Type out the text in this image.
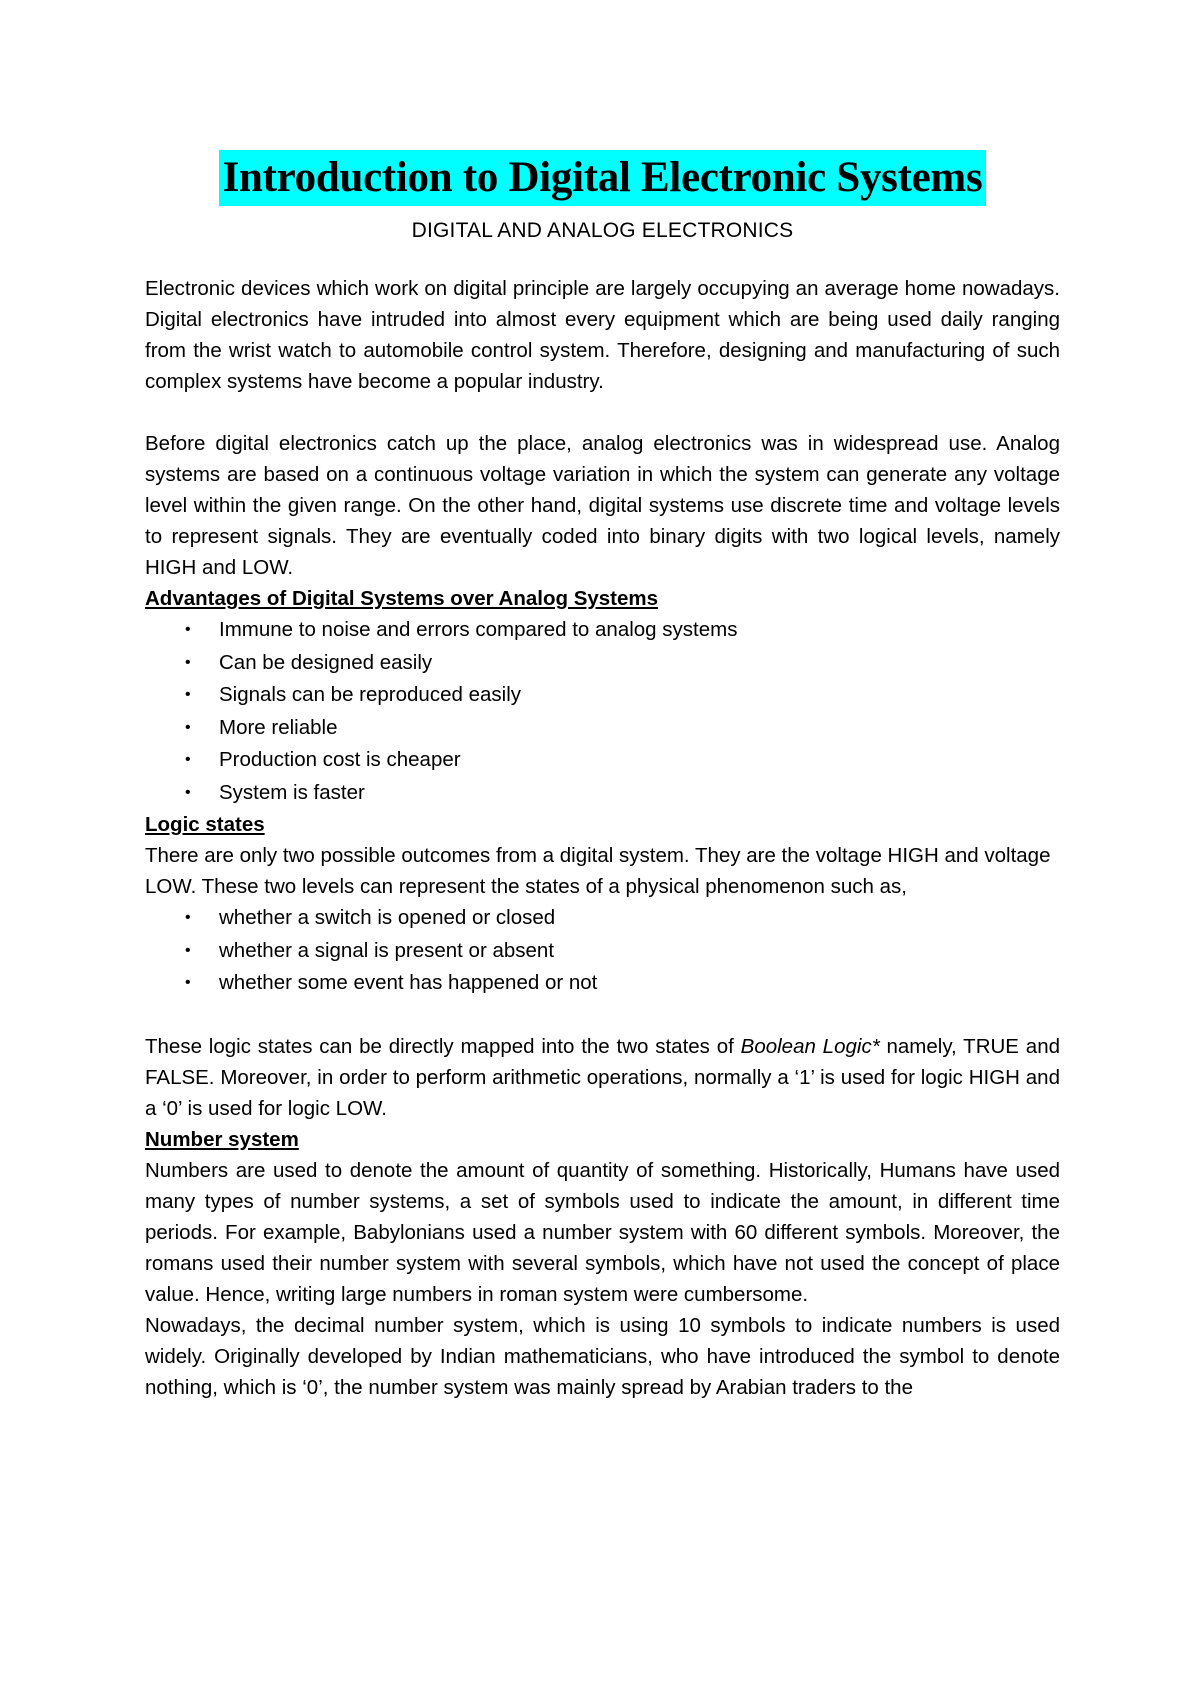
Introduction to Digital Electronic Systems
DIGITAL AND ANALOG ELECTRONICS

Electronic devices which work on digital principle are largely occupying an average home nowadays. Digital electronics have intruded into almost every equipment which are being used daily ranging from the wrist watch to automobile control system. Therefore, designing and manufacturing of such complex systems have become a popular industry.

Before digital electronics catch up the place, analog electronics was in widespread use. Analog systems are based on a continuous voltage variation in which the system can generate any voltage level within the given range. On the other hand, digital systems use discrete time and voltage levels to represent signals. They are eventually coded into binary digits with two logical levels, namely HIGH and LOW.

Advantages of Digital Systems over Analog Systems
• Immune to noise and errors compared to analog systems
• Can be designed easily
• Signals can be reproduced easily
• More reliable
• Production cost is cheaper
• System is faster
Logic states

There are only two possible outcomes from a digital system. They are the voltage HIGH and voltage LOW. These two levels can represent the states of a physical phenomenon such as,

• whether a switch is opened or closed
• whether a signal is present or absent
• whether some event has happened or not

These logic states can be directly mapped into the two states of Boolean Logic* namely, TRUE and FALSE. Moreover, in order to perform arithmetic operations, normally a ‘1’ is used for logic HIGH and a ‘0’ is used for logic LOW.

Number system

Numbers are used to denote the amount of quantity of something. Historically, Humans have used many types of number systems, a set of symbols used to indicate the amount, in different time periods. For example, Babylonians used a number system with 60 different symbols. Moreover, the romans used their number system with several symbols, which have not used the concept of place value. Hence, writing large numbers in roman system were cumbersome.

Nowadays, the decimal number system, which is using 10 symbols to indicate numbers is used widely. Originally developed by Indian mathematicians, who have introduced the symbol to denote nothing, which is ‘0’, the number system was mainly spread by Arabian traders to the
